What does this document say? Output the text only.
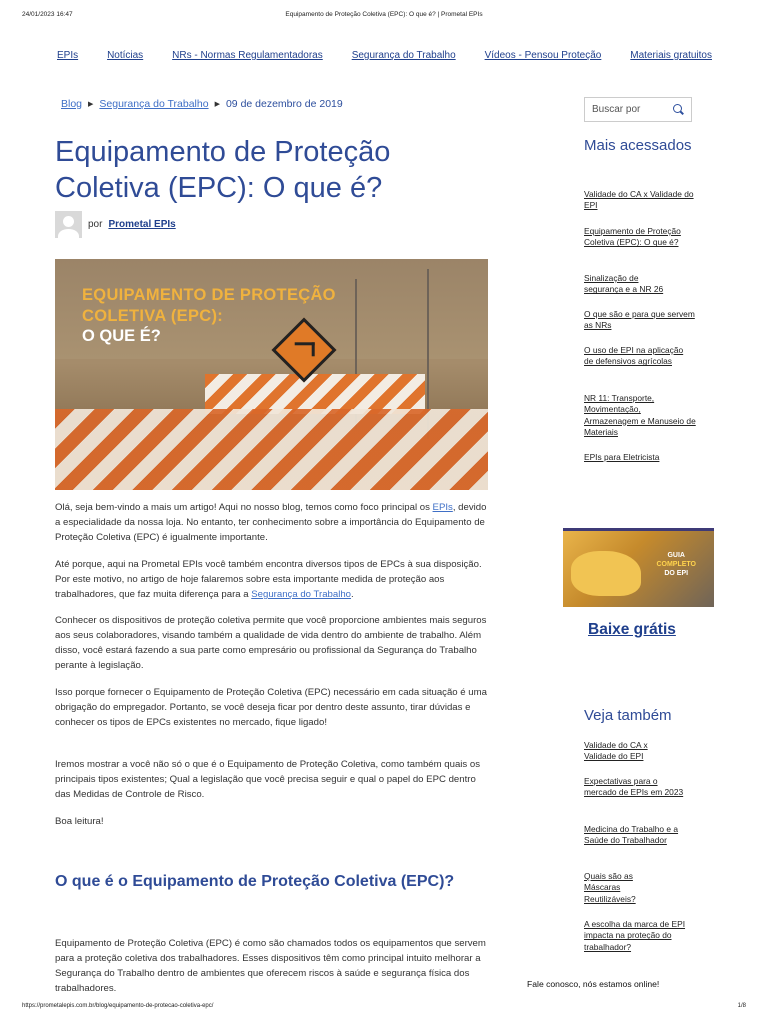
24/01/2023 16:47	Equipamento de Proteção Coletiva (EPC): O que é? | Prometal EPIs
EPIs	Notícias	NRs - Normas Regulamentadoras	Segurança do Trabalho	Vídeos - Pensou Proteção	Materiais gratuitos
Blog ▶ Segurança do Trabalho ▶ 09 de dezembro de 2019
Equipamento de Proteção Coletiva (EPC): O que é?
por Prometal EPIs
EQUIPAMENTO DE PROTEÇÃO
COLETIVA (EPC):
O QUE É?

Olá, seja bem-vindo a mais um artigo! Aqui no nosso blog, temos como foco principal os EPIs, devido a especialidade da nossa loja. No entanto, ter conhecimento sobre a importância do Equipamento de Proteção Coletiva (EPC) é igualmente importante.

Até porque, aqui na Prometal EPIs você também encontra diversos tipos de EPCs à sua disposição. Por este motivo, no artigo de hoje falaremos sobre esta importante medida de proteção aos trabalhadores, que faz muita diferença para a Segurança do Trabalho.

Conhecer os dispositivos de proteção coletiva permite que você proporcione ambientes mais seguros aos seus colaboradores, visando também a qualidade de vida dentro do ambiente de trabalho. Além disso, você estará fazendo a sua parte como empresário ou profissional da Segurança do Trabalho perante à legislação.

Isso porque fornecer o Equipamento de Proteção Coletiva (EPC) necessário em cada situação é uma obrigação do empregador. Portanto, se você deseja ficar por dentro deste assunto, tirar dúvidas e conhecer os tipos de EPCs existentes no mercado, fique ligado!

Iremos mostrar a você não só o que é o Equipamento de Proteção Coletiva, como também quais os principais tipos existentes; Qual a legislação que você precisa seguir e qual o papel do EPC dentro das Medidas de Controle de Risco.

Boa leitura!

O que é o Equipamento de Proteção Coletiva (EPC)?

Equipamento de Proteção Coletiva (EPC) é como são chamados todos os equipamentos que servem para a proteção coletiva dos trabalhadores. Esses dispositivos têm como principal intuito melhorar a Segurança do Trabalho dentro de ambientes que oferecem riscos à saúde e segurança física dos trabalhadores.

Buscar por
Mais acessados
Validade do CA x Validade do EPI
Equipamento de Proteção Coletiva (EPC): O que é?
Sinalização de segurança e a NR 26
O que são e para que servem as NRs
O uso de EPI na aplicação de defensivos agrícolas
NR 11: Transporte, Movimentação, Armazenagem e Manuseio de Materiais
EPIs para Eletricista
GUIA
COMPLETO
DO EPI
Baixe grátis
Veja também
Validade do CA x Validade do EPI
Expectativas para o mercado de EPIs em 2023
Medicina do Trabalho e a Saúde do Trabalhador
Quais são as Máscaras Reutilizáveis?
A escolha da marca de EPI impacta na proteção do trabalhador?
Fale conosco, nós estamos online!
https://prometalepis.com.br/blog/equipamento-de-protecao-coletiva-epc/	1/8
